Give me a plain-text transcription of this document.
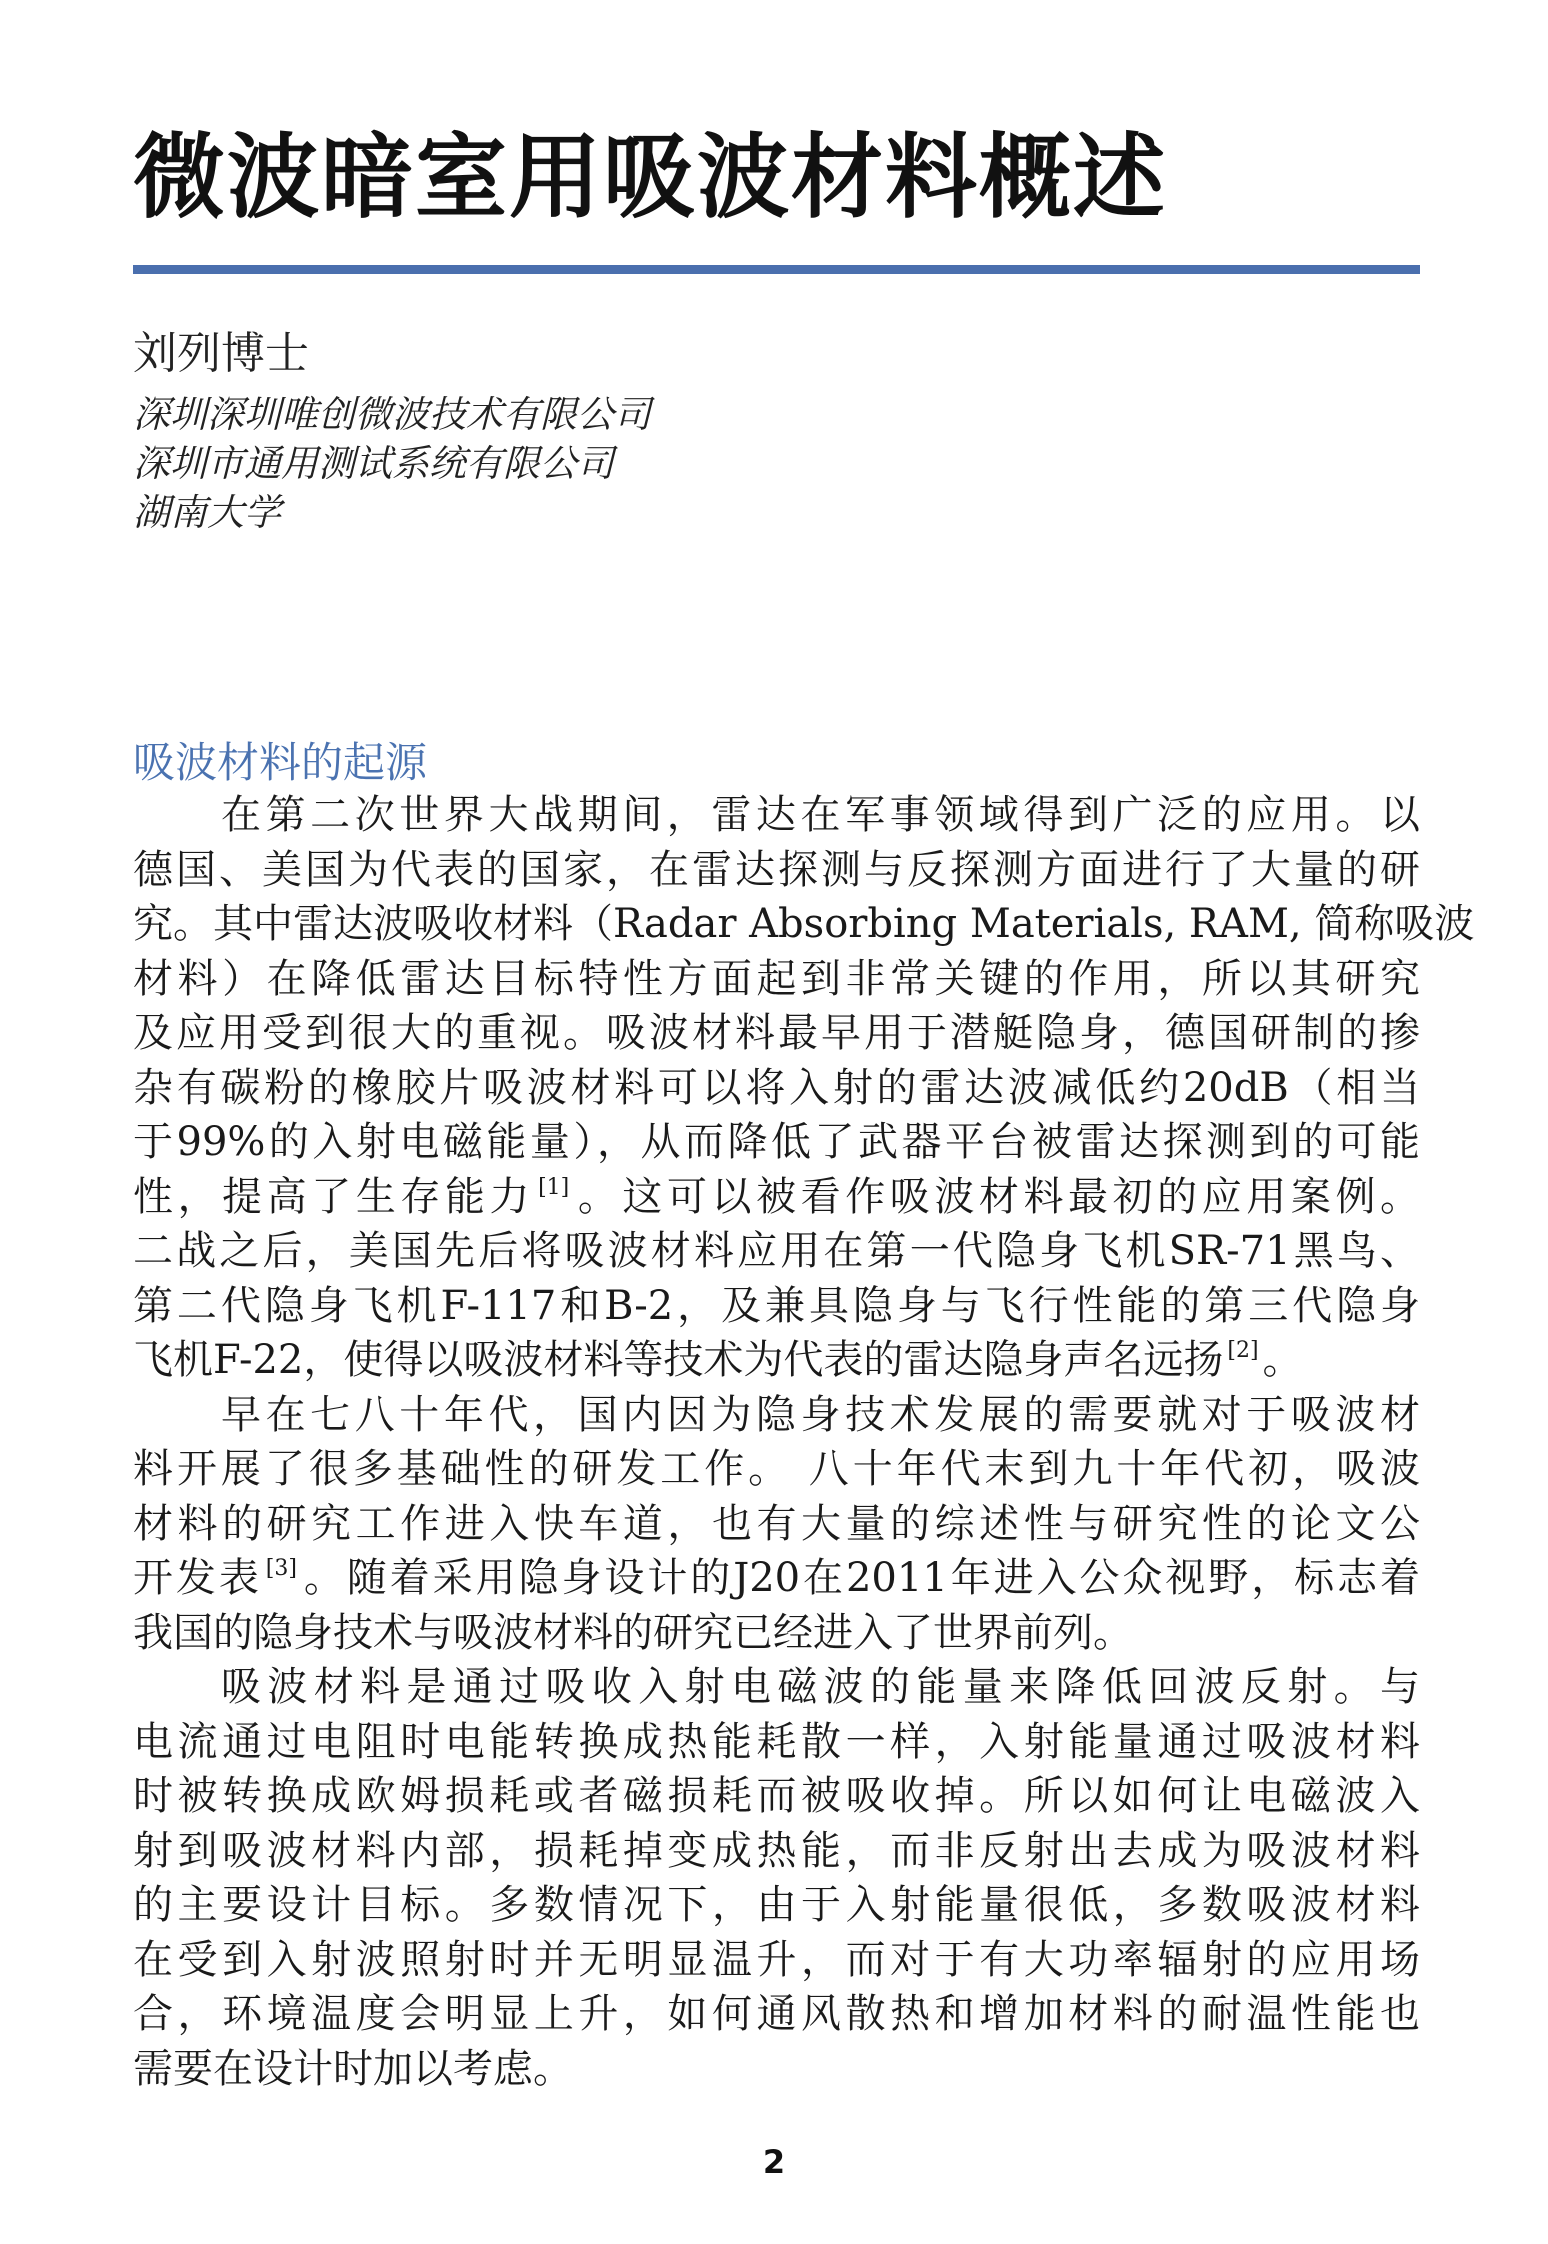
微波暗室用吸波材料概述
刘列博士
深圳深圳唯创微波技术有限公司
深圳市通用测试系统有限公司
湖南大学
吸波材料的起源
在第二次世界大战期间，雷达在军事领域得到广泛的应用。以
德国、美国为代表的国家，在雷达探测与反探测方面进行了大量的研
究。其中雷达波吸收材料（Radar Absorbing Materials, RAM, 简称吸波
材料）在降低雷达目标特性方面起到非常关键的作用，所以其研究
及应用受到很大的重视。吸波材料最早用于潜艇隐身，德国研制的掺
杂有碳粉的橡胶片吸波材料可以将入射的雷达波减低约20dB（相当
于99%的入射电磁能量），从而降低了武器平台被雷达探测到的可能
性，提高了生存能力 [1] 。这可以被看作吸波材料最初的应用案例。
二战之后，美国先后将吸波材料应用在第一代隐身飞机SR-71黑鸟、
第二代隐身飞机F-117和B-2，及兼具隐身与飞行性能的第三代隐身
飞机F-22，使得以吸波材料等技术为代表的雷达隐身声名远扬 [2] 。
早在七八十年代，国内因为隐身技术发展的需要就对于吸波材
料开展了很多基础性的研发工作。 八十年代末到九十年代初，吸波
材料的研究工作进入快车道，也有大量的综述性与研究性的论文公
开发表 [3] 。随着采用隐身设计的J20在2011年进入公众视野，标志着
我国的隐身技术与吸波材料的研究已经进入了世界前列。
吸波材料是通过吸收入射电磁波的能量来降低回波反射。与
电流通过电阻时电能转换成热能耗散一样，入射能量通过吸波材料
时被转换成欧姆损耗或者磁损耗而被吸收掉。所以如何让电磁波入
射到吸波材料内部，损耗掉变成热能，而非反射出去成为吸波材料
的主要设计目标。多数情况下，由于入射能量很低，多数吸波材料
在受到入射波照射时并无明显温升，而对于有大功率辐射的应用场
合，环境温度会明显上升，如何通风散热和增加材料的耐温性能也
需要在设计时加以考虑。
2
